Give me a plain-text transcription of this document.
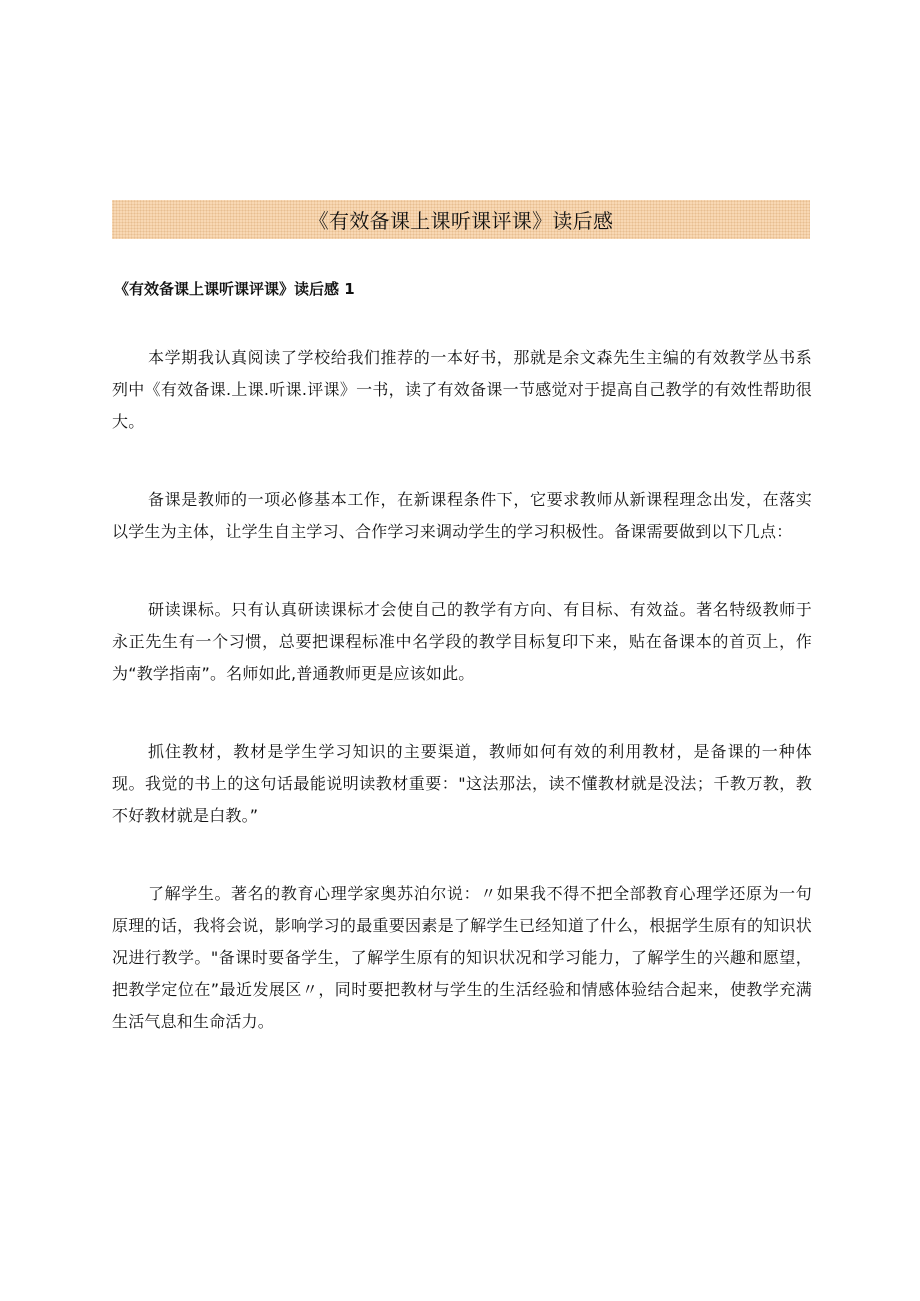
《有效备课上课听课评课》读后感
《有效备课上课听课评课》读后感 1

本学期我认真阅读了学校给我们推荐的一本好书，那就是余文森先生主编的有效教学丛书系列中《有效备课.上课.听课.评课》一书，读了有效备课一节感觉对于提高自己教学的有效性帮助很大。

备课是教师的一项必修基本工作，在新课程条件下，它要求教师从新课程理念出发，在落实以学生为主体，让学生自主学习、合作学习来调动学生的学习积极性。备课需要做到以下几点：

研读课标。只有认真研读课标才会使自己的教学有方向、有目标、有效益。著名特级教师于永正先生有一个习惯，总要把课程标准中名学段的教学目标复印下来，贴在备课本的首页上，作为“教学指南”。名师如此,普通教师更是应该如此。

抓住教材，教材是学生学习知识的主要渠道，教师如何有效的利用教材，是备课的一种体现。我觉的书上的这句话最能说明读教材重要："这法那法，读不懂教材就是没法；千教万教，教不好教材就是白教。”

了解学生。著名的教育心理学家奥苏泊尔说：〃如果我不得不把全部教育心理学还原为一句原理的话，我将会说，影响学习的最重要因素是了解学生已经知道了什么，根据学生原有的知识状况进行教学。"备课时要备学生，了解学生原有的知识状况和学习能力，了解学生的兴趣和愿望，把教学定位在”最近发展区〃，同时要把教材与学生的生活经验和情感体验结合起来，使教学充满生活气息和生命活力。
